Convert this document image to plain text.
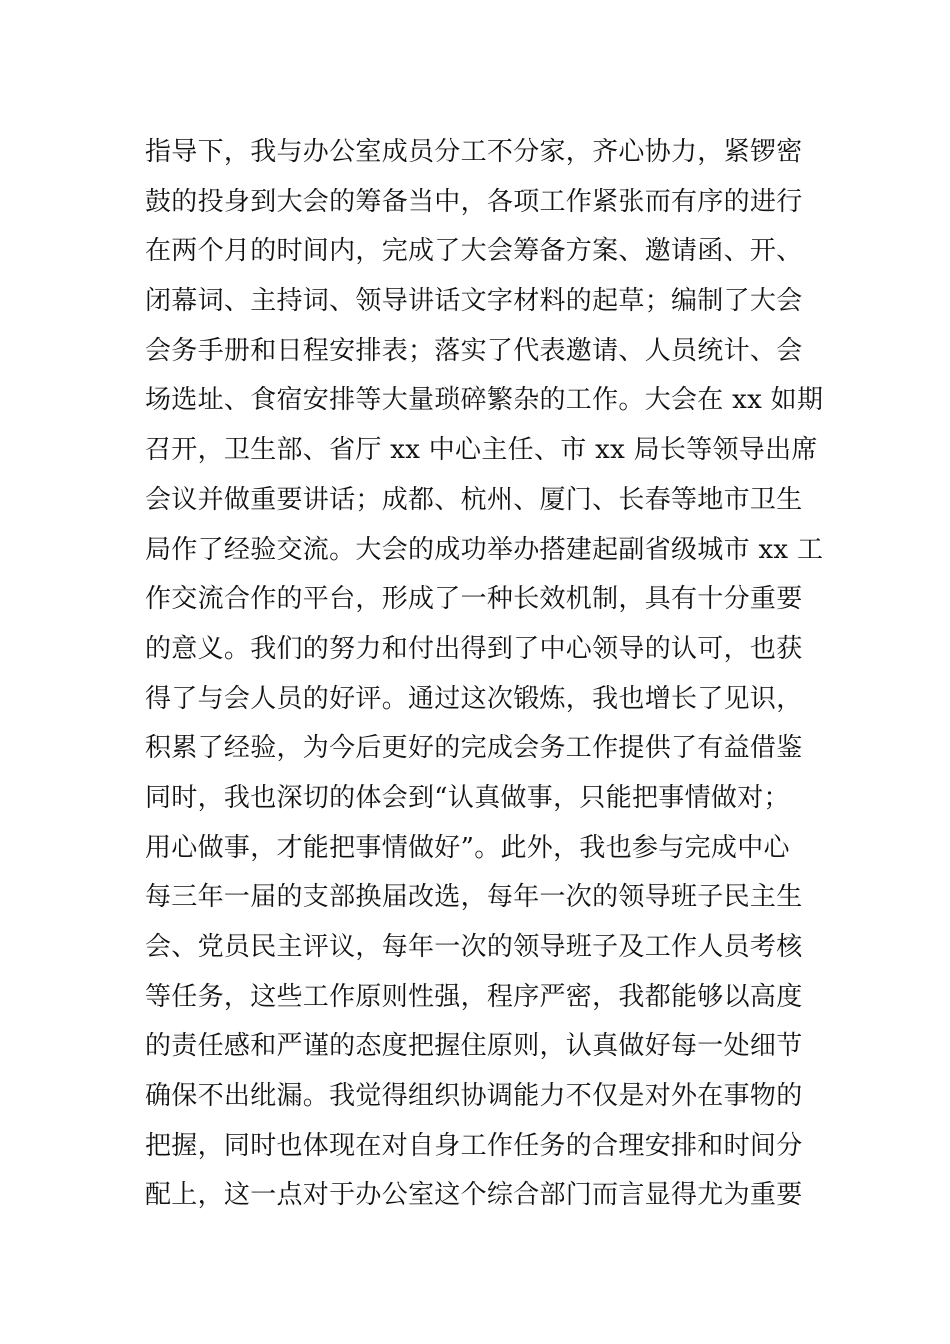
指导下，我与办公室成员分工不分家，齐心协力，紧锣密
鼓的投身到大会的筹备当中，各项工作紧张而有序的进行
在两个月的时间内，完成了大会筹备方案、邀请函、开、
闭幕词、主持词、领导讲话文字材料的起草；编制了大会
会务手册和日程安排表；落实了代表邀请、人员统计、会
场选址、食宿安排等大量琐碎繁杂的工作。大会在 xx 如期
召开，卫生部、省厅 xx 中心主任、市 xx 局长等领导出席
会议并做重要讲话；成都、杭州、厦门、长春等地市卫生
局作了经验交流。大会的成功举办搭建起副省级城市 xx 工
作交流合作的平台，形成了一种长效机制，具有十分重要
的意义。我们的努力和付出得到了中心领导的认可，也获
得了与会人员的好评。通过这次锻炼，我也增长了见识，
积累了经验，为今后更好的完成会务工作提供了有益借鉴
同时，我也深切的体会到“认真做事，只能把事情做对；
用心做事，才能把事情做好”。此外，我也参与完成中心
每三年一届的支部换届改选，每年一次的领导班子民主生
会、党员民主评议，每年一次的领导班子及工作人员考核
等任务，这些工作原则性强，程序严密，我都能够以高度
的责任感和严谨的态度把握住原则，认真做好每一处细节
确保不出纰漏。我觉得组织协调能力不仅是对外在事物的
把握，同时也体现在对自身工作任务的合理安排和时间分
配上，这一点对于办公室这个综合部门而言显得尤为重要
